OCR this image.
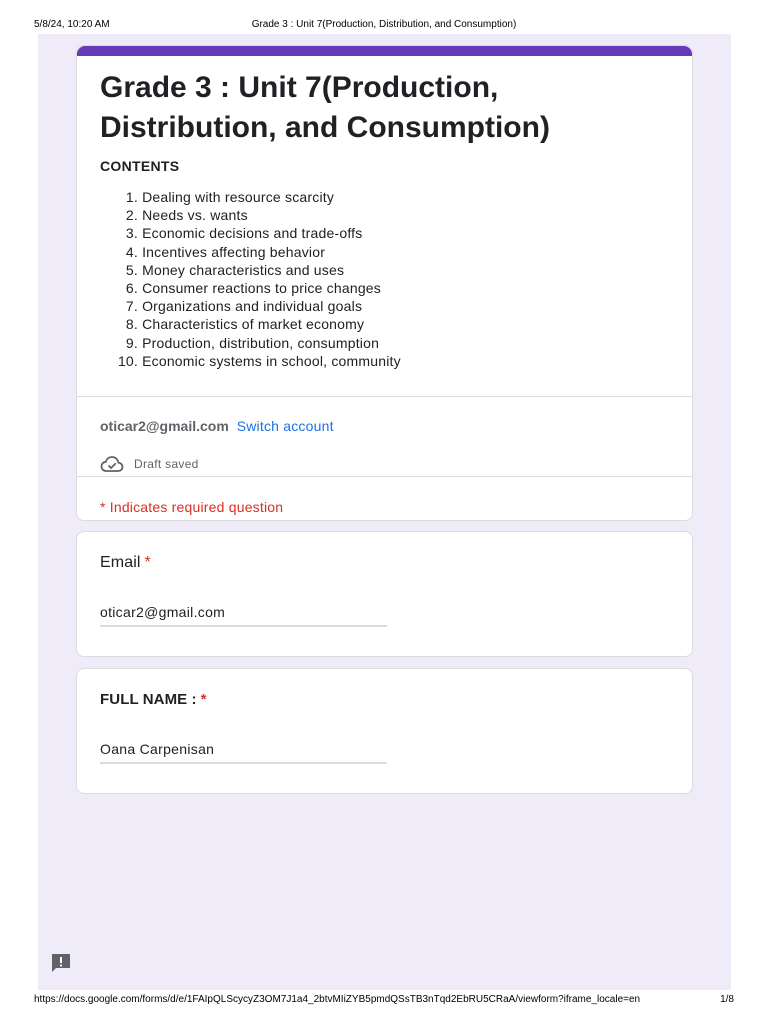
5/8/24, 10:20 AM	Grade 3 : Unit 7(Production, Distribution, and Consumption)
Grade 3 : Unit 7(Production, Distribution, and Consumption)
CONTENTS
1.
Dealing with resource scarcity
2.
Needs vs. wants
3.
Economic decisions and trade-offs
4.
Incentives affecting behavior
5.
Money characteristics and uses
6.
Consumer reactions to price changes
7.
Organizations and individual goals
8.
Characteristics of market economy
9.
Production, distribution, consumption
10.
Economic systems in school, community
oticar2@gmail.com Switch account
Draft saved
* Indicates required question
Email *
oticar2@gmail.com
FULL NAME : *
Oana Carpenisan
https://docs.google.com/forms/d/e/1FAIpQLScycyZ3OM7J1a4_2btvMIiZYB5pmdQSsTB3nTqd2EbRU5CRaA/viewform?iframe_locale=en	1/8
